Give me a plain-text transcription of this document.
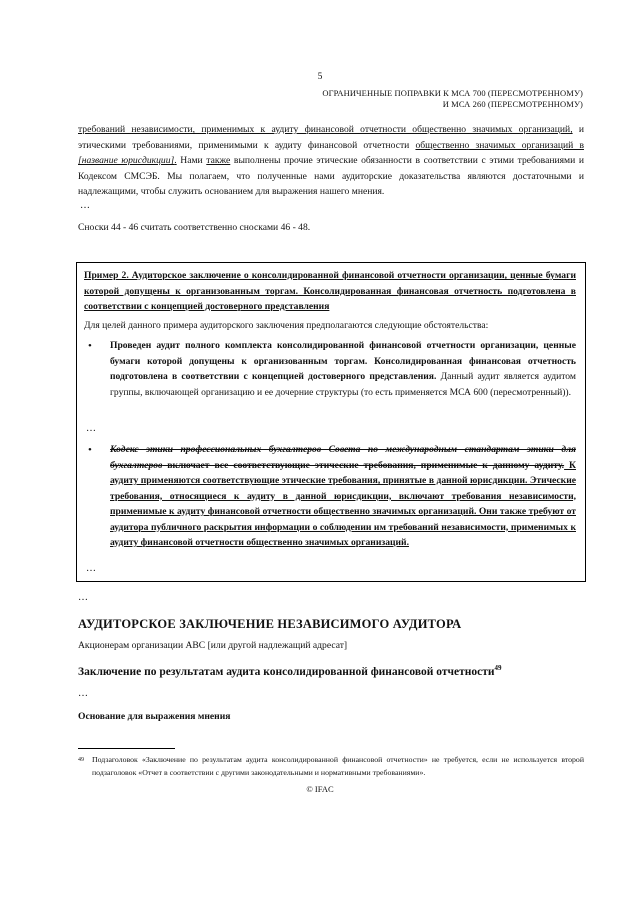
5
ОГРАНИЧЕННЫЕ ПОПРАВКИ К МСА 700 (ПЕРЕСМОТРЕННОМУ)
И МСА 260 (ПЕРЕСМОТРЕННОМУ)
требований независимости, применимых к аудиту финансовой отчетности общественно значимых организаций, и этическими требованиями, применимыми к аудиту финансовой отчетности общественно значимых организаций в [название юрисдикции]. Нами также выполнены прочие этические обязанности в соответствии с этими требованиями и Кодексом СМСЭБ. Мы полагаем, что полученные нами аудиторские доказательства являются достаточными и надлежащими, чтобы служить основанием для выражения нашего мнения.
…
Сноски 44 - 46 считать соответственно сносками 46 - 48.
Пример 2. Аудиторское заключение о консолидированной финансовой отчетности организации, ценные бумаги которой допущены к организованным торгам. Консолидированная финансовая отчетность подготовлена в соответствии с концепцией достоверного представления
Для целей данного примера аудиторского заключения предполагаются следующие обстоятельства:
• Проведен аудит полного комплекта консолидированной финансовой отчетности организации, ценные бумаги которой допущены к организованным торгам. Консолидированная финансовая отчетность подготовлена в соответствии с концепцией достоверного представления. Данный аудит является аудитом группы, включающей организацию и ее дочерние структуры (то есть применяется МСА 600 (пересмотренный)).
…
• Кодекс этики профессиональных бухгалтеров Совета по международным стандартам этики для бухгалтеров включает все соответствующие этические требования, применимые к данному аудиту. К аудиту применяются соответствующие этические требования, принятые в данной юрисдикции. Этические требования, относящиеся к аудиту в данной юрисдикции, включают требования независимости, применимые к аудиту финансовой отчетности общественно значимых организаций. Они также требуют от аудитора публичного раскрытия информации о соблюдении им требований независимости, применимых к аудиту финансовой отчетности общественно значимых организаций.
…
…
АУДИТОРСКОЕ ЗАКЛЮЧЕНИЕ НЕЗАВИСИМОГО АУДИТОРА
Акционерам организации АВС [или другой надлежащий адресат]
Заключение по результатам аудита консолидированной финансовой отчетности$^{49}$
…
Основание для выражения мнения
49 Подзаголовок «Заключение по результатам аудита консолидированной финансовой отчетности» не требуется, если не используется второй подзаголовок «Отчет в соответствии с другими законодательными и нормативными требованиями».
© IFAC
